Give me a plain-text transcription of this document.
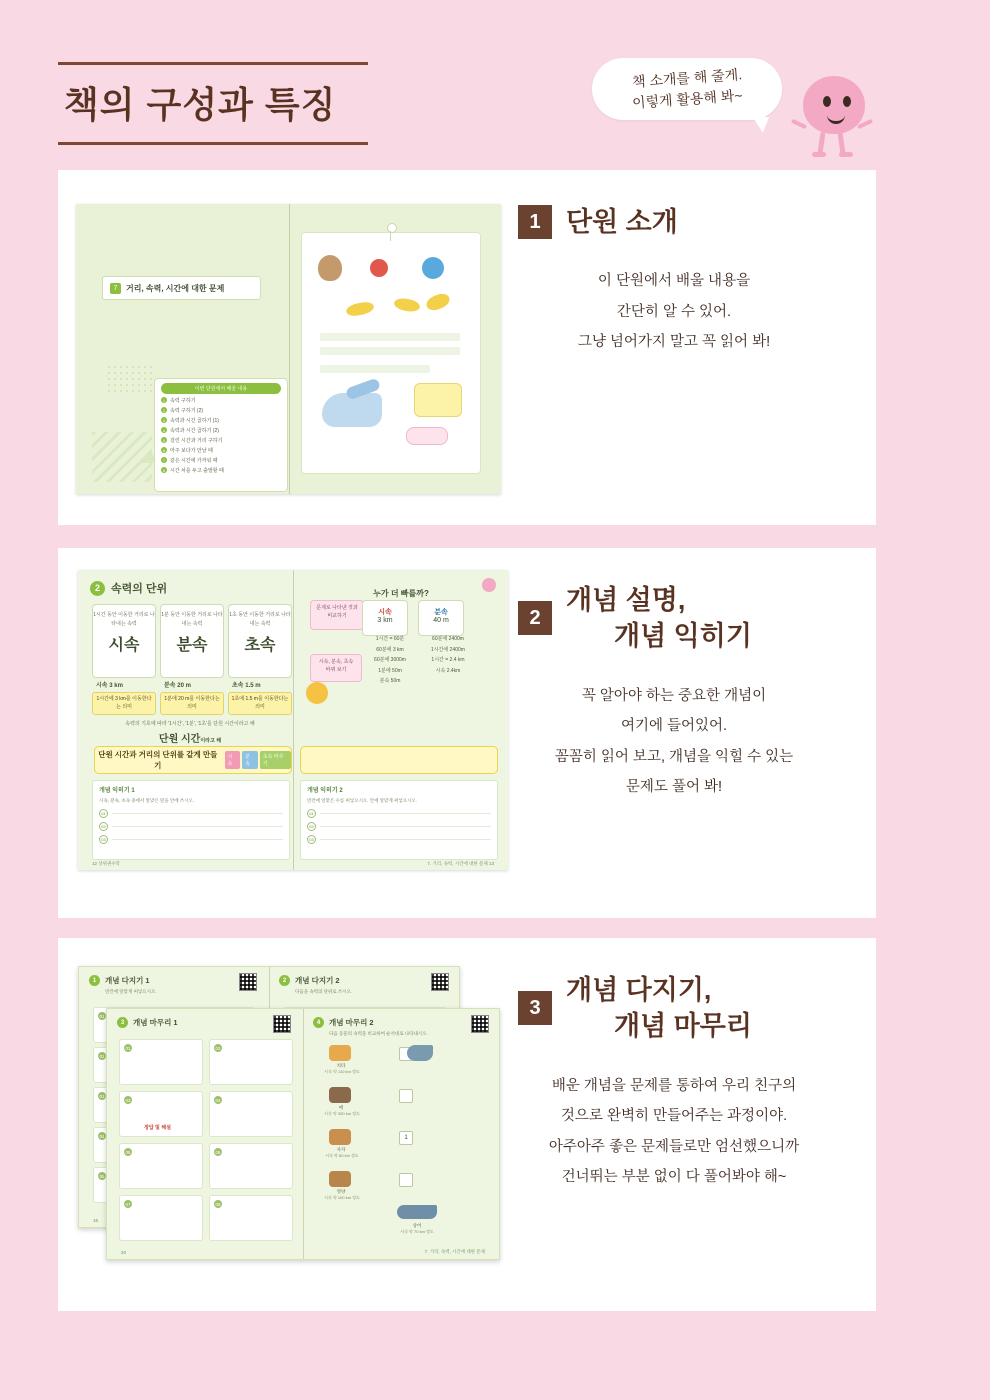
책의 구성과 특징
책 소개를 해 줄게.
이렇게 활용해 봐~
7	거리, 속력, 시간에 대한 문제
이번 단원에서 배울 내용
1 속력 구하기
2 속력 구하기 (2)
3 속력과 시간 곱하기 (1)
4 속력과 시간 곱하기 (2)
5 걸린 시간과 거리 구하기
6 마주 보다가 만날 때
7 같은 시간에 가까워 때
8 시간 차를 두고 출발할 때
1 단원 소개
이 단원에서 배울 내용을
간단히 알 수 있어.
그냥 넘어가지 말고 꼭 읽어 봐!
2	속력의 단위
1시간 동안 이동한 거리로 나타내는 속력
시속
1분 동안 이동한 거리로 나타내는 속력
분속
1초 동안 이동한 거리로 나타내는 속력
초속
시속 3 km	분속 20 m	초속 1.5 m
1시간에 3 km를 이동한다는 의미
1분에 20 m를 이동한다는 의미
1초에 1.5 m를 이동한다는 의미
속력의 기호에 따라 '1시간', '1분', '1초'를 단원 시간이라고 해
단원 시간이라고 해
누가 더 빠를까?
문제로 나타낸 것과
비교하기	시속
3 km
분속
40 m
1시간 = 60분
60분에 3 km
60분에 3000m
1분에 50m
분속 50m
60분에 2400m
1시간에 2400m
1시간 = 2.4 km
시속 2.4km
시속, 분속, 초속
바꿔 보기
단원 시간과 거리의 단위를 같게 만들기
시속
분속
초속 바꾸기
개념 익히기 1
시속, 분속, 초속 중에서 알맞은 말을 안에 쓰시오.
01
02
03
개념 익히기 2
빈칸에 알맞은 수를 써넣으시오. 안에 알맞게 써넣으시오.
01
02
03
12 상위권수학	7. 거리, 속력, 시간에 대한 문제 13
2
개념 설명,
개념 익히기
꼭 알아야 하는 중요한 개념이
여기에 들어있어.
꼼꼼히 읽어 보고, 개념을 익힐 수 있는
문제도 풀어 봐!
1	개념 다지기 1
빈칸에 알맞게 써넣으시오.
2	개념 다지기 2
다음을 속력의 단위로 쓰시오.
01
02
03
04
05
16
3	개념 마무리 1	4	개념 마무리 2
다음 동물의 속력을 비교하여 순서대로 나타내시오.
01	02
03
정답 및 해설
04
05	06
07	08
치타
시속 약 110 km 정도
매
시속 약 390 km 정도
사자
시속 약 80 km 정도
1
영양
시속 약 100 km 정도
상어
시속 약 70 km 정도
20	7. 거리, 속력, 시간에 대한 문제
3
개념 다지기,
개념 마무리
배운 개념을 문제를 통하여 우리 친구의
것으로 완벽히 만들어주는 과정이야.
아주아주 좋은 문제들로만 엄선했으니까
건너뛰는 부분 없이 다 풀어봐야 해~
